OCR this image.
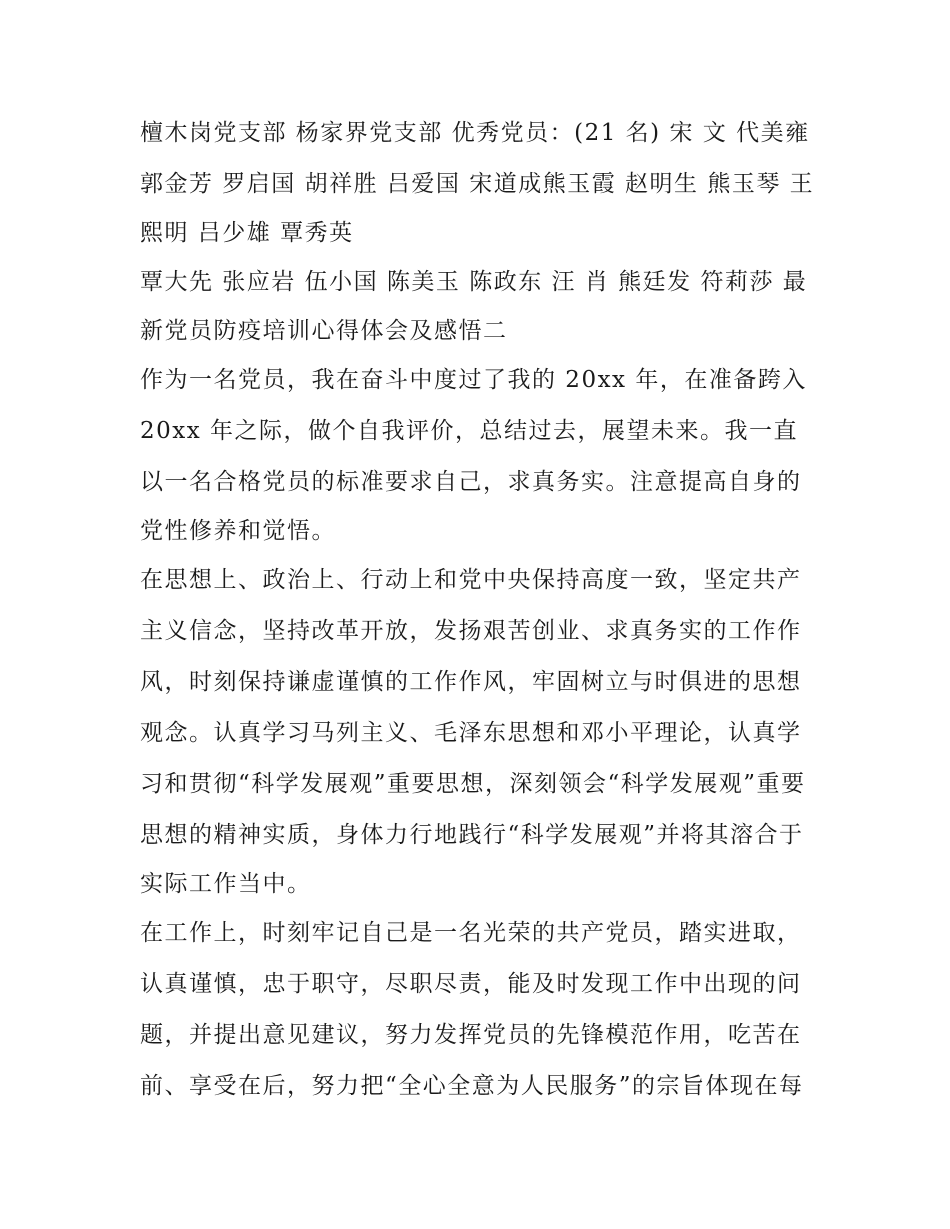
檀木岗党支部 杨家界党支部 优秀党员：(21 名) 宋 文 代美雍
郭金芳 罗启国 胡祥胜 吕爱国 宋道成熊玉霞 赵明生 熊玉琴 王
熙明 吕少雄 覃秀英
覃大先 张应岩 伍小国 陈美玉 陈政东 汪 肖 熊廷发 符莉莎 最
新党员防疫培训心得体会及感悟二
作为一名党员，我在奋斗中度过了我的 20xx 年，在准备跨入
20xx 年之际，做个自我评价，总结过去，展望未来。我一直
以一名合格党员的标准要求自己，求真务实。注意提高自身的
党性修养和觉悟。
在思想上、政治上、行动上和党中央保持高度一致，坚定共产
主义信念，坚持改革开放，发扬艰苦创业、求真务实的工作作
风，时刻保持谦虚谨慎的工作作风，牢固树立与时俱进的思想
观念。认真学习马列主义、毛泽东思想和邓小平理论，认真学
习和贯彻“科学发展观”重要思想，深刻领会“科学发展观”重要
思想的精神实质，身体力行地践行“科学发展观”并将其溶合于
实际工作当中。
在工作上，时刻牢记自己是一名光荣的共产党员，踏实进取，
认真谨慎，忠于职守，尽职尽责，能及时发现工作中出现的问
题，并提出意见建议，努力发挥党员的先锋模范作用，吃苦在
前、享受在后，努力把“全心全意为人民服务”的宗旨体现在每
